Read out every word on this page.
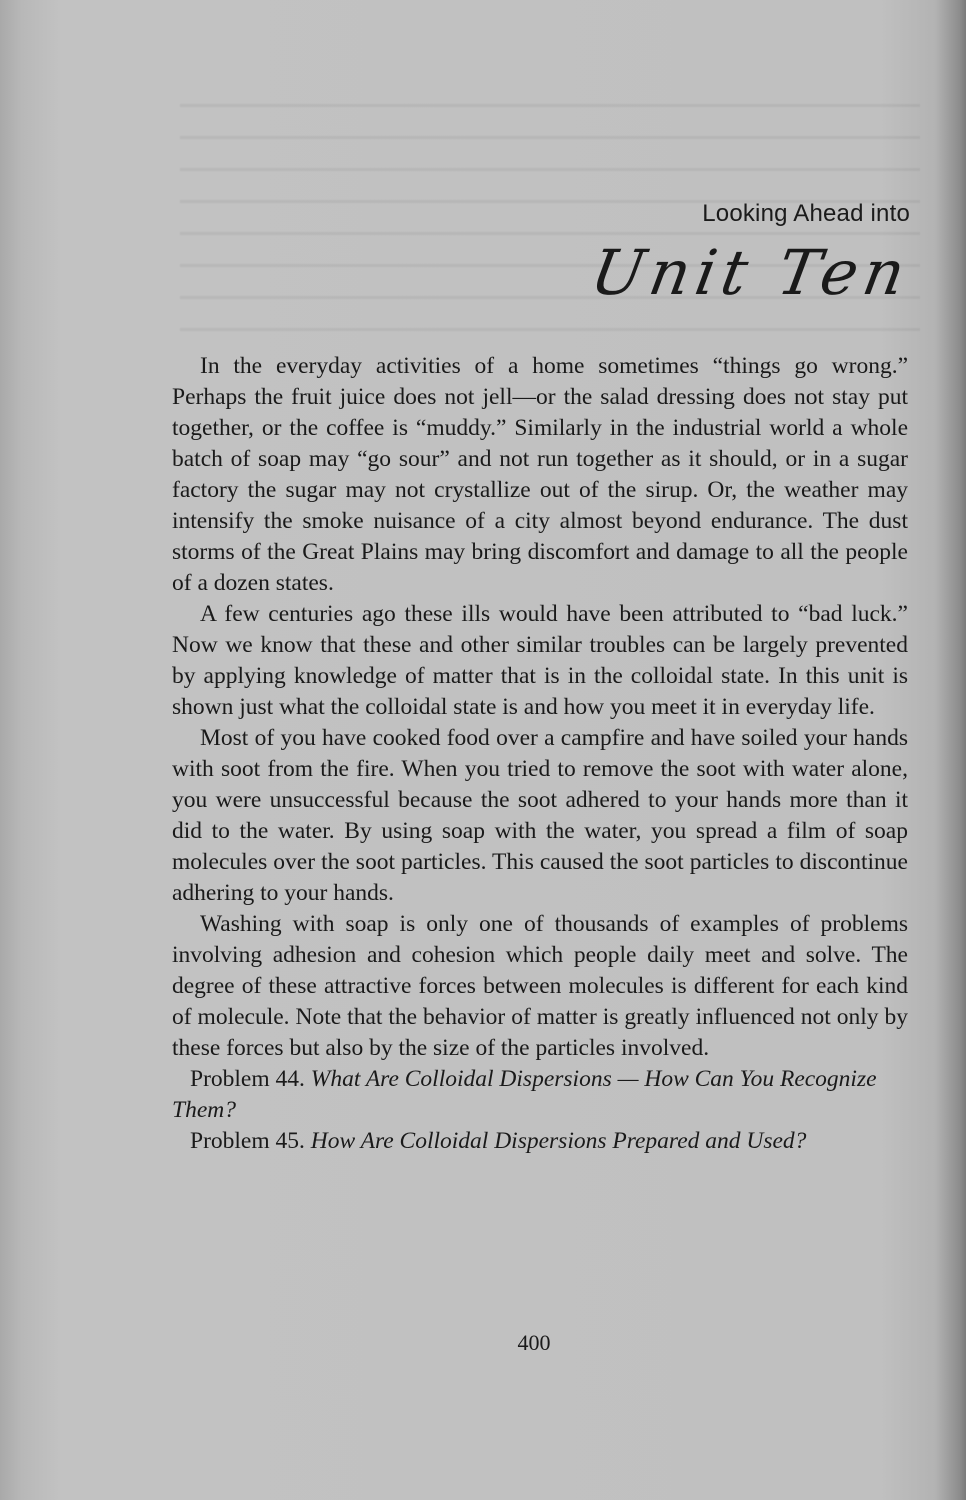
Looking Ahead into
Unit Ten

In the everyday activities of a home sometimes “things go wrong.” Perhaps the fruit juice does not jell—or the salad dressing does not stay put together, or the coffee is “muddy.” Similarly in the industrial world a whole batch of soap may “go sour” and not run together as it should, or in a sugar factory the sugar may not crystallize out of the sirup. Or, the weather may intensify the smoke nuisance of a city almost beyond endurance. The dust storms of the Great Plains may bring discomfort and damage to all the people of a dozen states.

A few centuries ago these ills would have been attributed to “bad luck.” Now we know that these and other similar troubles can be largely prevented by applying knowledge of matter that is in the colloidal state. In this unit is shown just what the colloidal state is and how you meet it in everyday life.

Most of you have cooked food over a campfire and have soiled your hands with soot from the fire. When you tried to remove the soot with water alone, you were unsuccessful because the soot adhered to your hands more than it did to the water. By using soap with the water, you spread a film of soap molecules over the soot particles. This caused the soot particles to discontinue adhering to your hands.

Washing with soap is only one of thousands of examples of problems involving adhesion and cohesion which people daily meet and solve. The degree of these attractive forces between molecules is different for each kind of molecule. Note that the behavior of matter is greatly influenced not only by these forces but also by the size of the particles involved.

Problem 44. What Are Colloidal Dispersions — How Can You Recognize Them?

Problem 45. How Are Colloidal Dispersions Prepared and Used?

400
